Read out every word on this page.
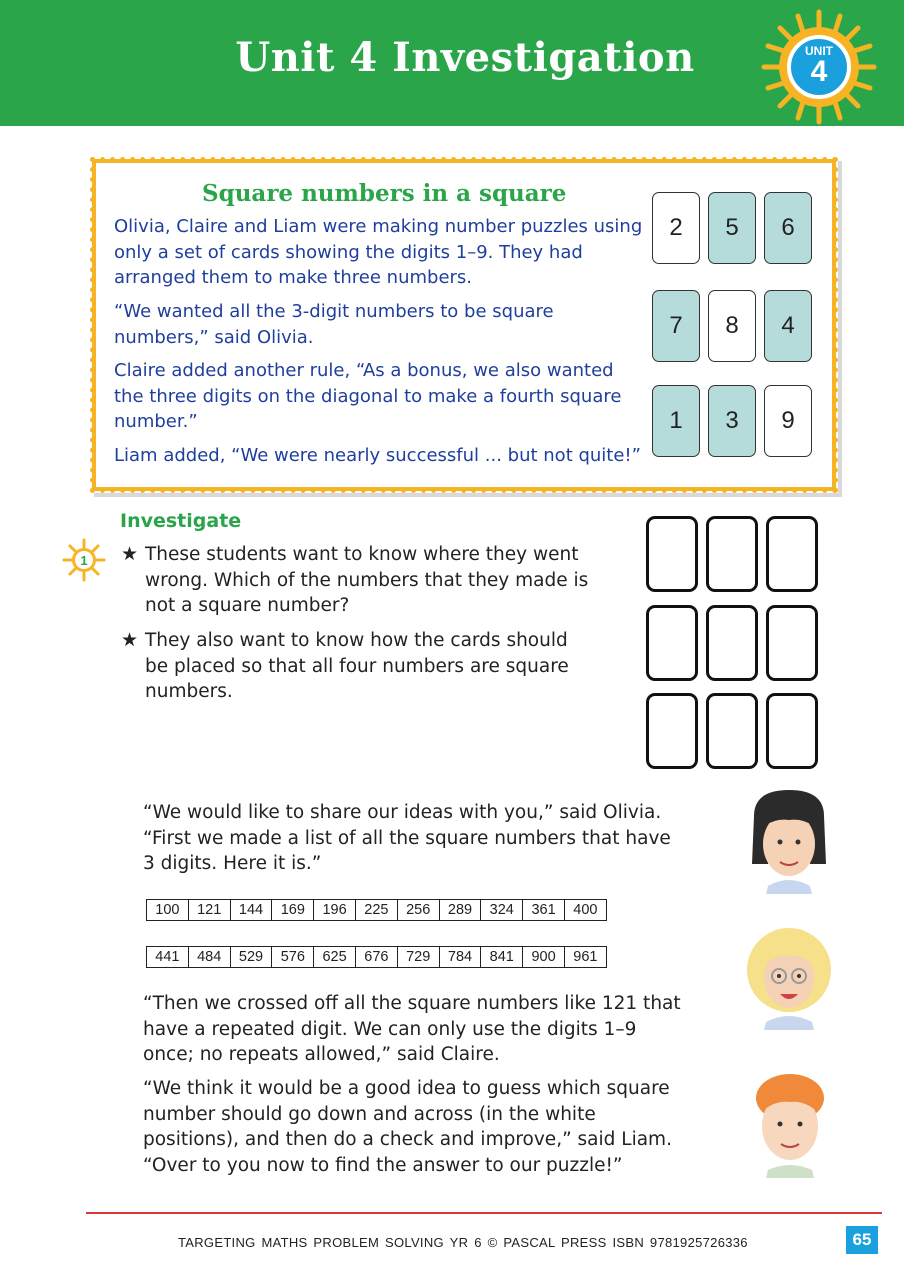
Unit 4 Investigation	UNIT
4
Square numbers in a square
Olivia, Claire and Liam were making number puzzles using only a set of cards showing the digits 1–9. They had arranged them to make three numbers.
“We wanted all the 3-digit numbers to be square numbers,” said Olivia.
Claire added another rule, “As a bonus, we also wanted the three digits on the diagonal to make a fourth square number.”
Liam added, “We were nearly successful ... but not quite!”
2	5	6
7	8	4
1	3	9
Investigate
1 ★ These students want to know where they went wrong. Which of the numbers that they made is not a square number?
★ They also want to know how the cards should be placed so that all four numbers are square numbers.
“We would like to share our ideas with you,” said Olivia. “First we made a list of all the square numbers that have 3 digits. Here it is.”
100	121	144	169	196	225	256	289	324	361	400
441	484	529	576	625	676	729	784	841	900	961
“Then we crossed off all the square numbers like 121 that have a repeated digit. We can only use the digits 1–9 once; no repeats allowed,” said Claire.
“We think it would be a good idea to guess which square number should go down and across (in the white positions), and then do a check and improve,” said Liam. “Over to you now to find the answer to our puzzle!”
TARGETING MATHS PROBLEM SOLVING YR 6 © PASCAL PRESS ISBN 9781925726336	65
